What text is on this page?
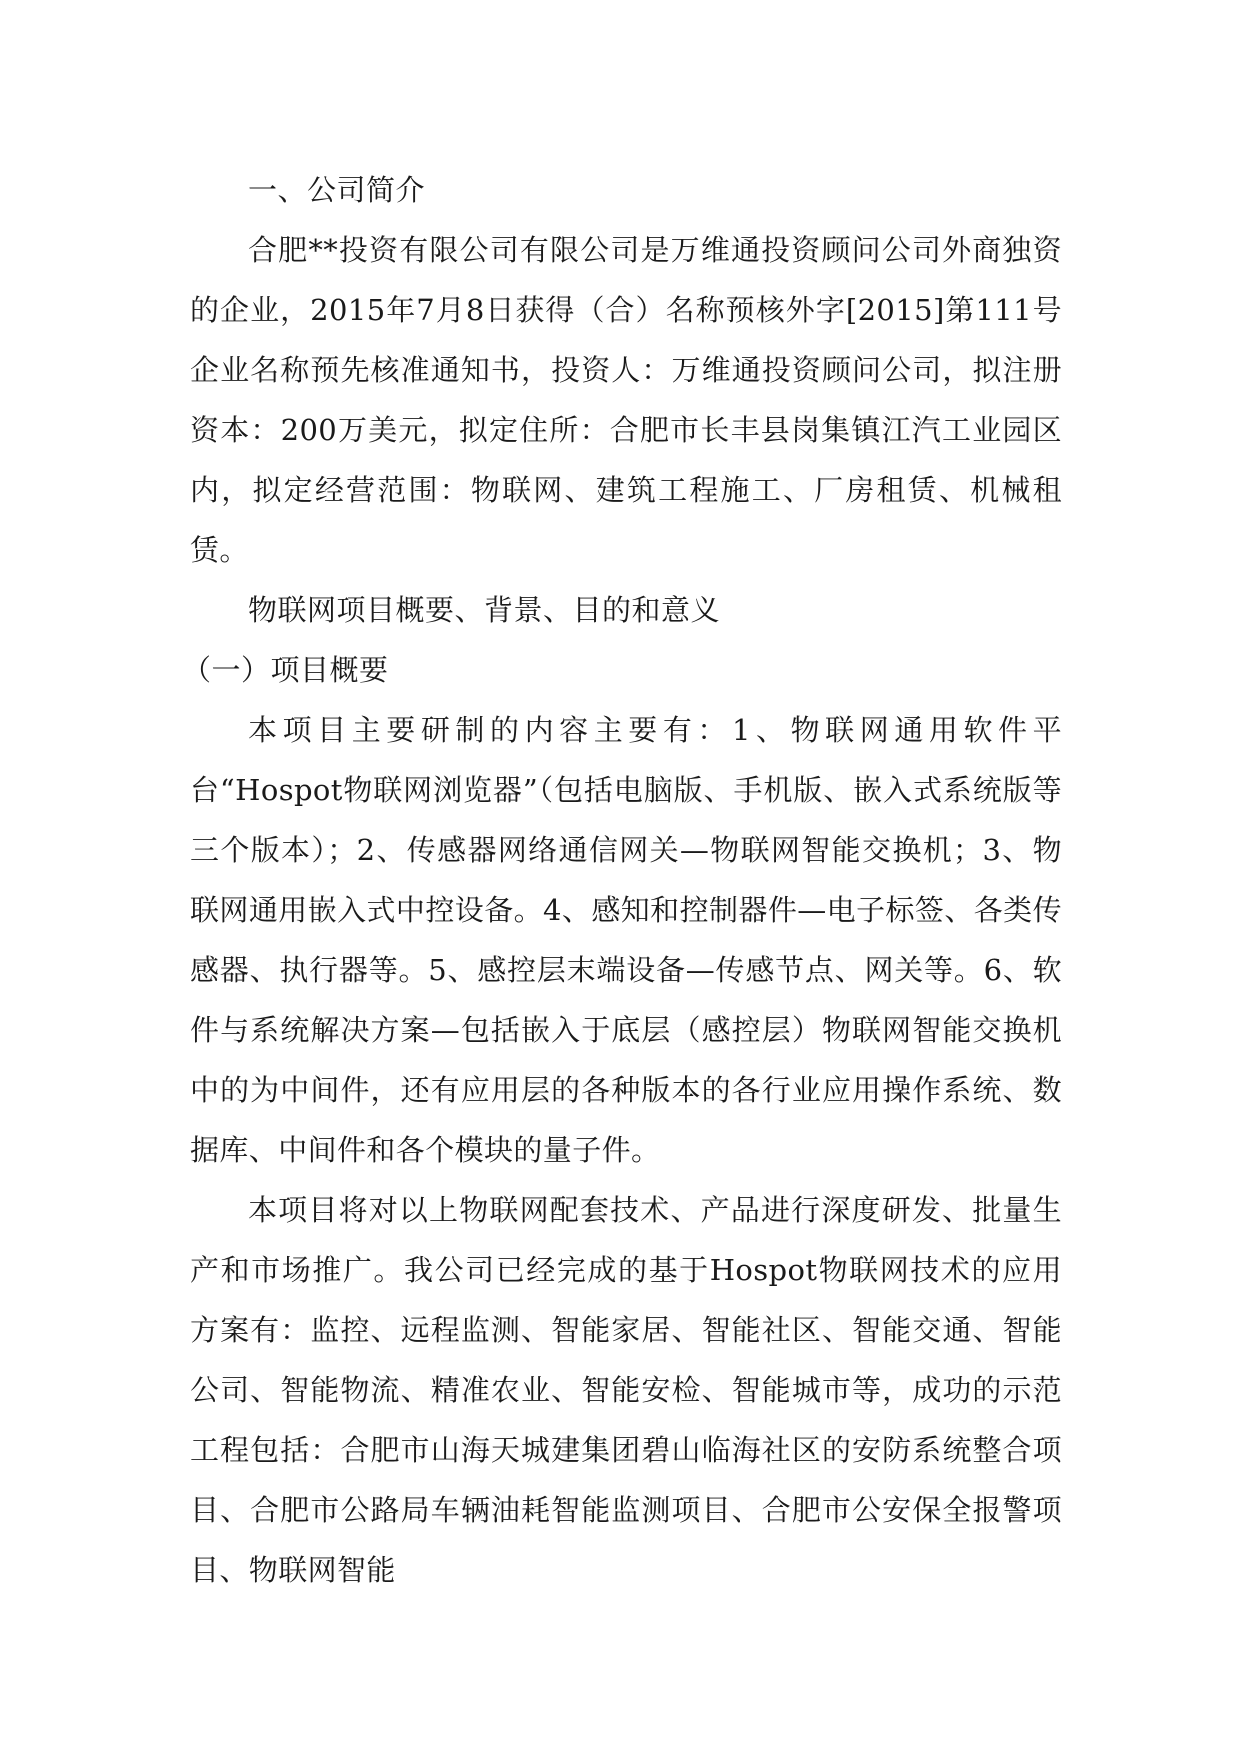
一、公司简介

合肥**投资有限公司有限公司是万维通投资顾问公司外商独资的企业，2015年7月8日获得（合）名称预核外字[2015]第111号企业名称预先核准通知书，投资人：万维通投资顾问公司，拟注册资本：200万美元，拟定住所：合肥市长丰县岗集镇江汽工业园区内，拟定经营范围：物联网、建筑工程施工、厂房租赁、机械租赁。

物联网项目概要、背景、目的和意义

（一）项目概要

本项目主要研制的内容主要有：1、物联网通用软件平台“Hospot物联网浏览器”（包括电脑版、手机版、嵌入式系统版等三个版本）；2、传感器网络通信网关—物联网智能交换机；3、物联网通用嵌入式中控设备。4、感知和控制器件—电子标签、各类传感器、执行器等。5、感控层末端设备—传感节点、网关等。6、软件与系统解决方案—包括嵌入于底层（感控层）物联网智能交换机中的为中间件，还有应用层的各种版本的各行业应用操作系统、数据库、中间件和各个模块的量子件。

本项目将对以上物联网配套技术、产品进行深度研发、批量生产和市场推广。我公司已经完成的基于Hospot物联网技术的应用方案有：监控、远程监测、智能家居、智能社区、智能交通、智能公司、智能物流、精准农业、智能安检、智能城市等，成功的示范工程包括：合肥市山海天城建集团碧山临海社区的安防系统整合项目、合肥市公路局车辆油耗智能监测项目、合肥市公安保全报警项目、物联网智能
